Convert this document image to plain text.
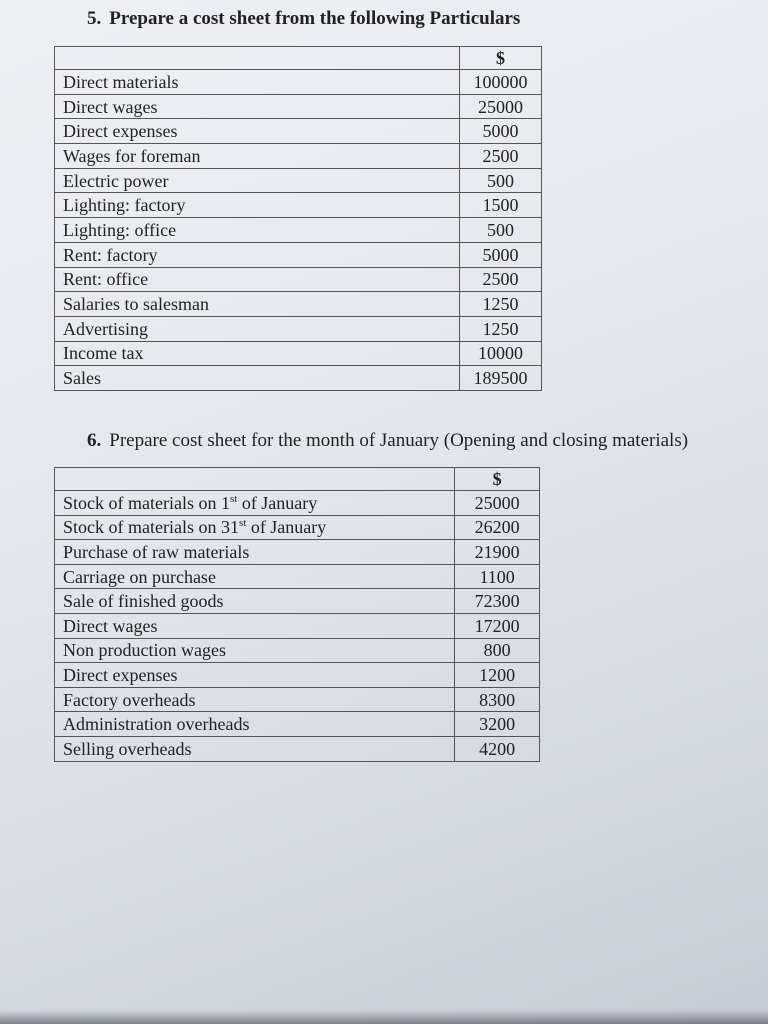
5. Prepare a cost sheet from the following Particulars
	$
Direct materials	100000
Direct wages	25000
Direct expenses	5000
Wages for foreman	2500
Electric power	500
Lighting: factory	1500
Lighting: office	500
Rent: factory	5000
Rent: office	2500
Salaries to salesman	1250
Advertising	1250
Income tax	10000
Sales	189500
6. Prepare cost sheet for the month of January (Opening and closing materials)
	$
Stock of materials on 1st of January	25000
Stock of materials on 31st of January	26200
Purchase of raw materials	21900
Carriage on purchase	1100
Sale of finished goods	72300
Direct wages	17200
Non production wages	800
Direct expenses	1200
Factory overheads	8300
Administration overheads	3200
Selling overheads	4200
